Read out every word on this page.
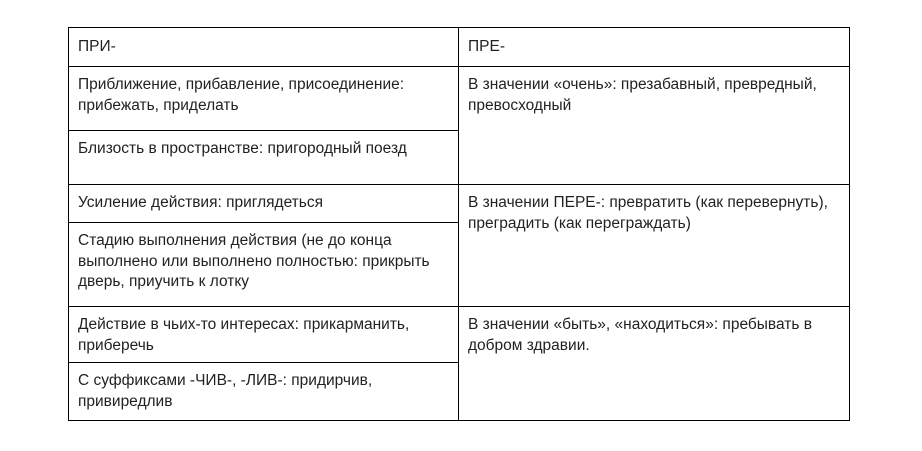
ПРИ-	ПРЕ-
Приближение, прибавление, присоединение: прибежать, приделать	В значении «очень»: презабавный, превредный, превосходный
Близость в пространстве: пригородный поезд	
Усиление действия: приглядеться	В значении ПЕРЕ-: превратить (как перевернуть), преградить (как переграждать)
Стадию выполнения действия (не до конца выполнено или выполнено полностью: прикрыть дверь, приучить к лотку	
Действие в чьих-то интересах: прикарманить, приберечь	В значении «быть», «находиться»: пребывать в добром здравии.
С суффиксами -ЧИВ-, -ЛИВ-: придирчив, привиредлив	
